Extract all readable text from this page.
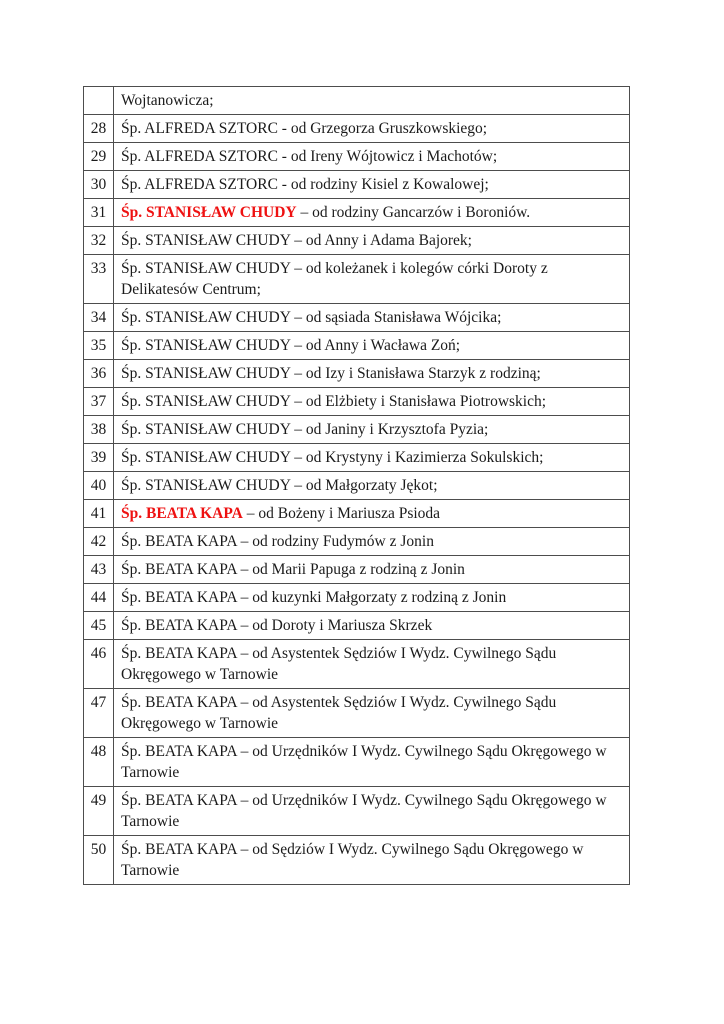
	Wojtanowicza;
28	Śp. ALFREDA SZTORC - od Grzegorza Gruszkowskiego;
29	Śp. ALFREDA SZTORC - od Ireny Wójtowicz i Machotów;
30	Śp. ALFREDA SZTORC - od rodziny Kisiel z Kowalowej;
31	Śp. STANISŁAW CHUDY – od rodziny Gancarzów i Boroniów.
32	Śp. STANISŁAW CHUDY – od Anny i Adama Bajorek;
33	Śp. STANISŁAW CHUDY – od koleżanek i kolegów córki Doroty z Delikatesów Centrum;
34	Śp. STANISŁAW CHUDY – od sąsiada Stanisława Wójcika;
35	Śp. STANISŁAW CHUDY – od Anny i Wacława Zoń;
36	Śp. STANISŁAW CHUDY – od Izy i Stanisława Starzyk z rodziną;
37	Śp. STANISŁAW CHUDY – od Elżbiety i Stanisława Piotrowskich;
38	Śp. STANISŁAW CHUDY – od Janiny i Krzysztofa Pyzia;
39	Śp. STANISŁAW CHUDY – od Krystyny i Kazimierza Sokulskich;
40	Śp. STANISŁAW CHUDY – od Małgorzaty Jękot;
41	Śp. BEATA KAPA – od Bożeny i Mariusza Psioda
42	Śp. BEATA KAPA – od rodziny Fudymów z Jonin
43	Śp. BEATA KAPA – od Marii Papuga z rodziną z Jonin
44	Śp. BEATA KAPA – od kuzynki Małgorzaty z rodziną z Jonin
45	Śp. BEATA KAPA – od Doroty i Mariusza Skrzek
46	Śp. BEATA KAPA – od Asystentek Sędziów I Wydz. Cywilnego Sądu Okręgowego w Tarnowie
47	Śp. BEATA KAPA – od Asystentek Sędziów I Wydz. Cywilnego Sądu Okręgowego w Tarnowie
48	Śp. BEATA KAPA – od Urzędników I Wydz. Cywilnego Sądu Okręgowego w Tarnowie
49	Śp. BEATA KAPA – od Urzędników I Wydz. Cywilnego Sądu Okręgowego w Tarnowie
50	Śp. BEATA KAPA – od Sędziów I Wydz. Cywilnego Sądu Okręgowego w Tarnowie
